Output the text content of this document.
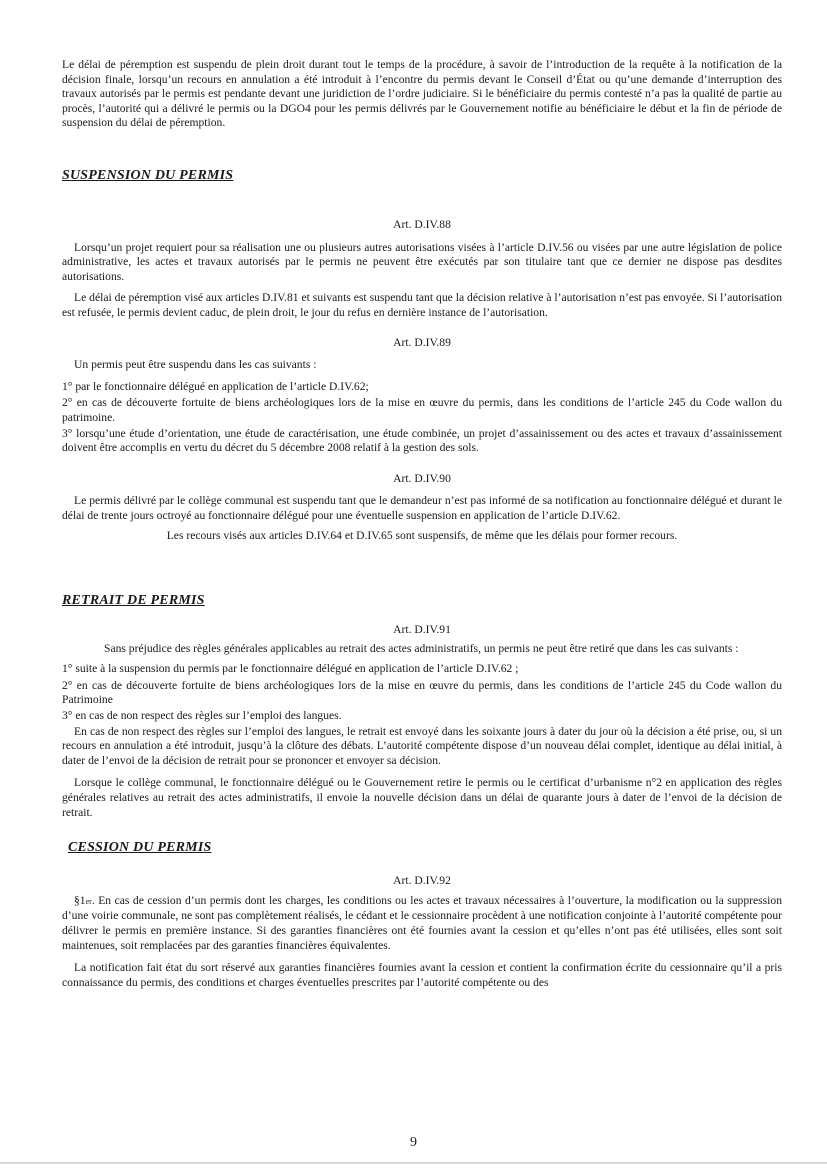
Le délai de péremption est suspendu de plein droit durant tout le temps de la procédure, à savoir de l’introduction de la requête à la notification de la décision finale, lorsqu’un recours en annulation a été introduit à l’encontre du permis devant le Conseil d’État ou qu’une demande d’interruption des travaux autorisés par le permis est pendante devant une juridiction de l’ordre judiciaire. Si le bénéficiaire du permis contesté n’a pas la qualité de partie au procès, l’autorité qui a délivré le permis ou la DGO4 pour les permis délivrés par le Gouvernement notifie au bénéficiaire le début et la fin de période de suspension du délai de péremption.

SUSPENSION DU PERMIS
Art. D.IV.88

Lorsqu’un projet requiert pour sa réalisation une ou plusieurs autres autorisations visées à l’article D.IV.56 ou visées par une autre législation de police administrative, les actes et travaux autorisés par le permis ne peuvent être exécutés par son titulaire tant que ce dernier ne dispose pas desdites autorisations.

Le délai de péremption visé aux articles D.IV.81 et suivants est suspendu tant que la décision relative à l’autorisation n’est pas envoyée. Si l’autorisation est refusée, le permis devient caduc, de plein droit, le jour du refus en dernière instance de l’autorisation.

Art. D.IV.89

Un permis peut être suspendu dans les cas suivants :

1° par le fonctionnaire délégué en application de l’article D.IV.62;

2° en cas de découverte fortuite de biens archéologiques lors de la mise en œuvre du permis, dans les conditions de l’article 245 du Code wallon du patrimoine.

3° lorsqu’une étude d’orientation, une étude de caractérisation, une étude combinée, un projet d’assainissement ou des actes et travaux d’assainissement doivent être accomplis en vertu du décret du 5 décembre 2008 relatif à la gestion des sols.

Art. D.IV.90

Le permis délivré par le collège communal est suspendu tant que le demandeur n’est pas informé de sa notification au fonctionnaire délégué et durant le délai de trente jours octroyé au fonctionnaire délégué pour une éventuelle suspension en application de l’article D.IV.62.

Les recours visés aux articles D.IV.64 et D.IV.65 sont suspensifs, de même que les délais pour former recours.

RETRAIT DE PERMIS
Art. D.IV.91

Sans préjudice des règles générales applicables au retrait des actes administratifs, un permis ne peut être retiré que dans les cas suivants :

1° suite à la suspension du permis par le fonctionnaire délégué en application de l’article D.IV.62 ;

2° en cas de découverte fortuite de biens archéologiques lors de la mise en œuvre du permis, dans les conditions de l’article 245 du Code wallon du Patrimoine

3° en cas de non respect des règles sur l’emploi des langues.

En cas de non respect des règles sur l’emploi des langues, le retrait est envoyé dans les soixante jours à dater du jour où la décision a été prise, ou, si un recours en annulation a été introduit, jusqu’à la clôture des débats. L’autorité compétente dispose d’un nouveau délai complet, identique au délai initial, à dater de l’envoi de la décision de retrait pour se prononcer et envoyer sa décision.

Lorsque le collège communal, le fonctionnaire délégué ou le Gouvernement retire le permis ou le certificat d’urbanisme n°2 en application des règles générales relatives au retrait des actes administratifs, il envoie la nouvelle décision dans un délai de quarante jours à dater de l’envoi de la décision de retrait.

CESSION DU PERMIS
Art. D.IV.92

§1er. En cas de cession d’un permis dont les charges, les conditions ou les actes et travaux nécessaires à l’ouverture, la modification ou la suppression d’une voirie communale, ne sont pas complètement réalisés, le cédant et le cessionnaire procèdent à une notification conjointe à l’autorité compétente pour délivrer le permis en première instance. Si des garanties financières ont été fournies avant la cession et qu’elles n’ont pas été utilisées, elles sont soit maintenues, soit remplacées par des garanties financières équivalentes.

La notification fait état du sort réservé aux garanties financières fournies avant la cession et contient la confirmation écrite du cessionnaire qu’il a pris connaissance du permis, des conditions et charges éventuelles prescrites par l’autorité compétente ou des

9
